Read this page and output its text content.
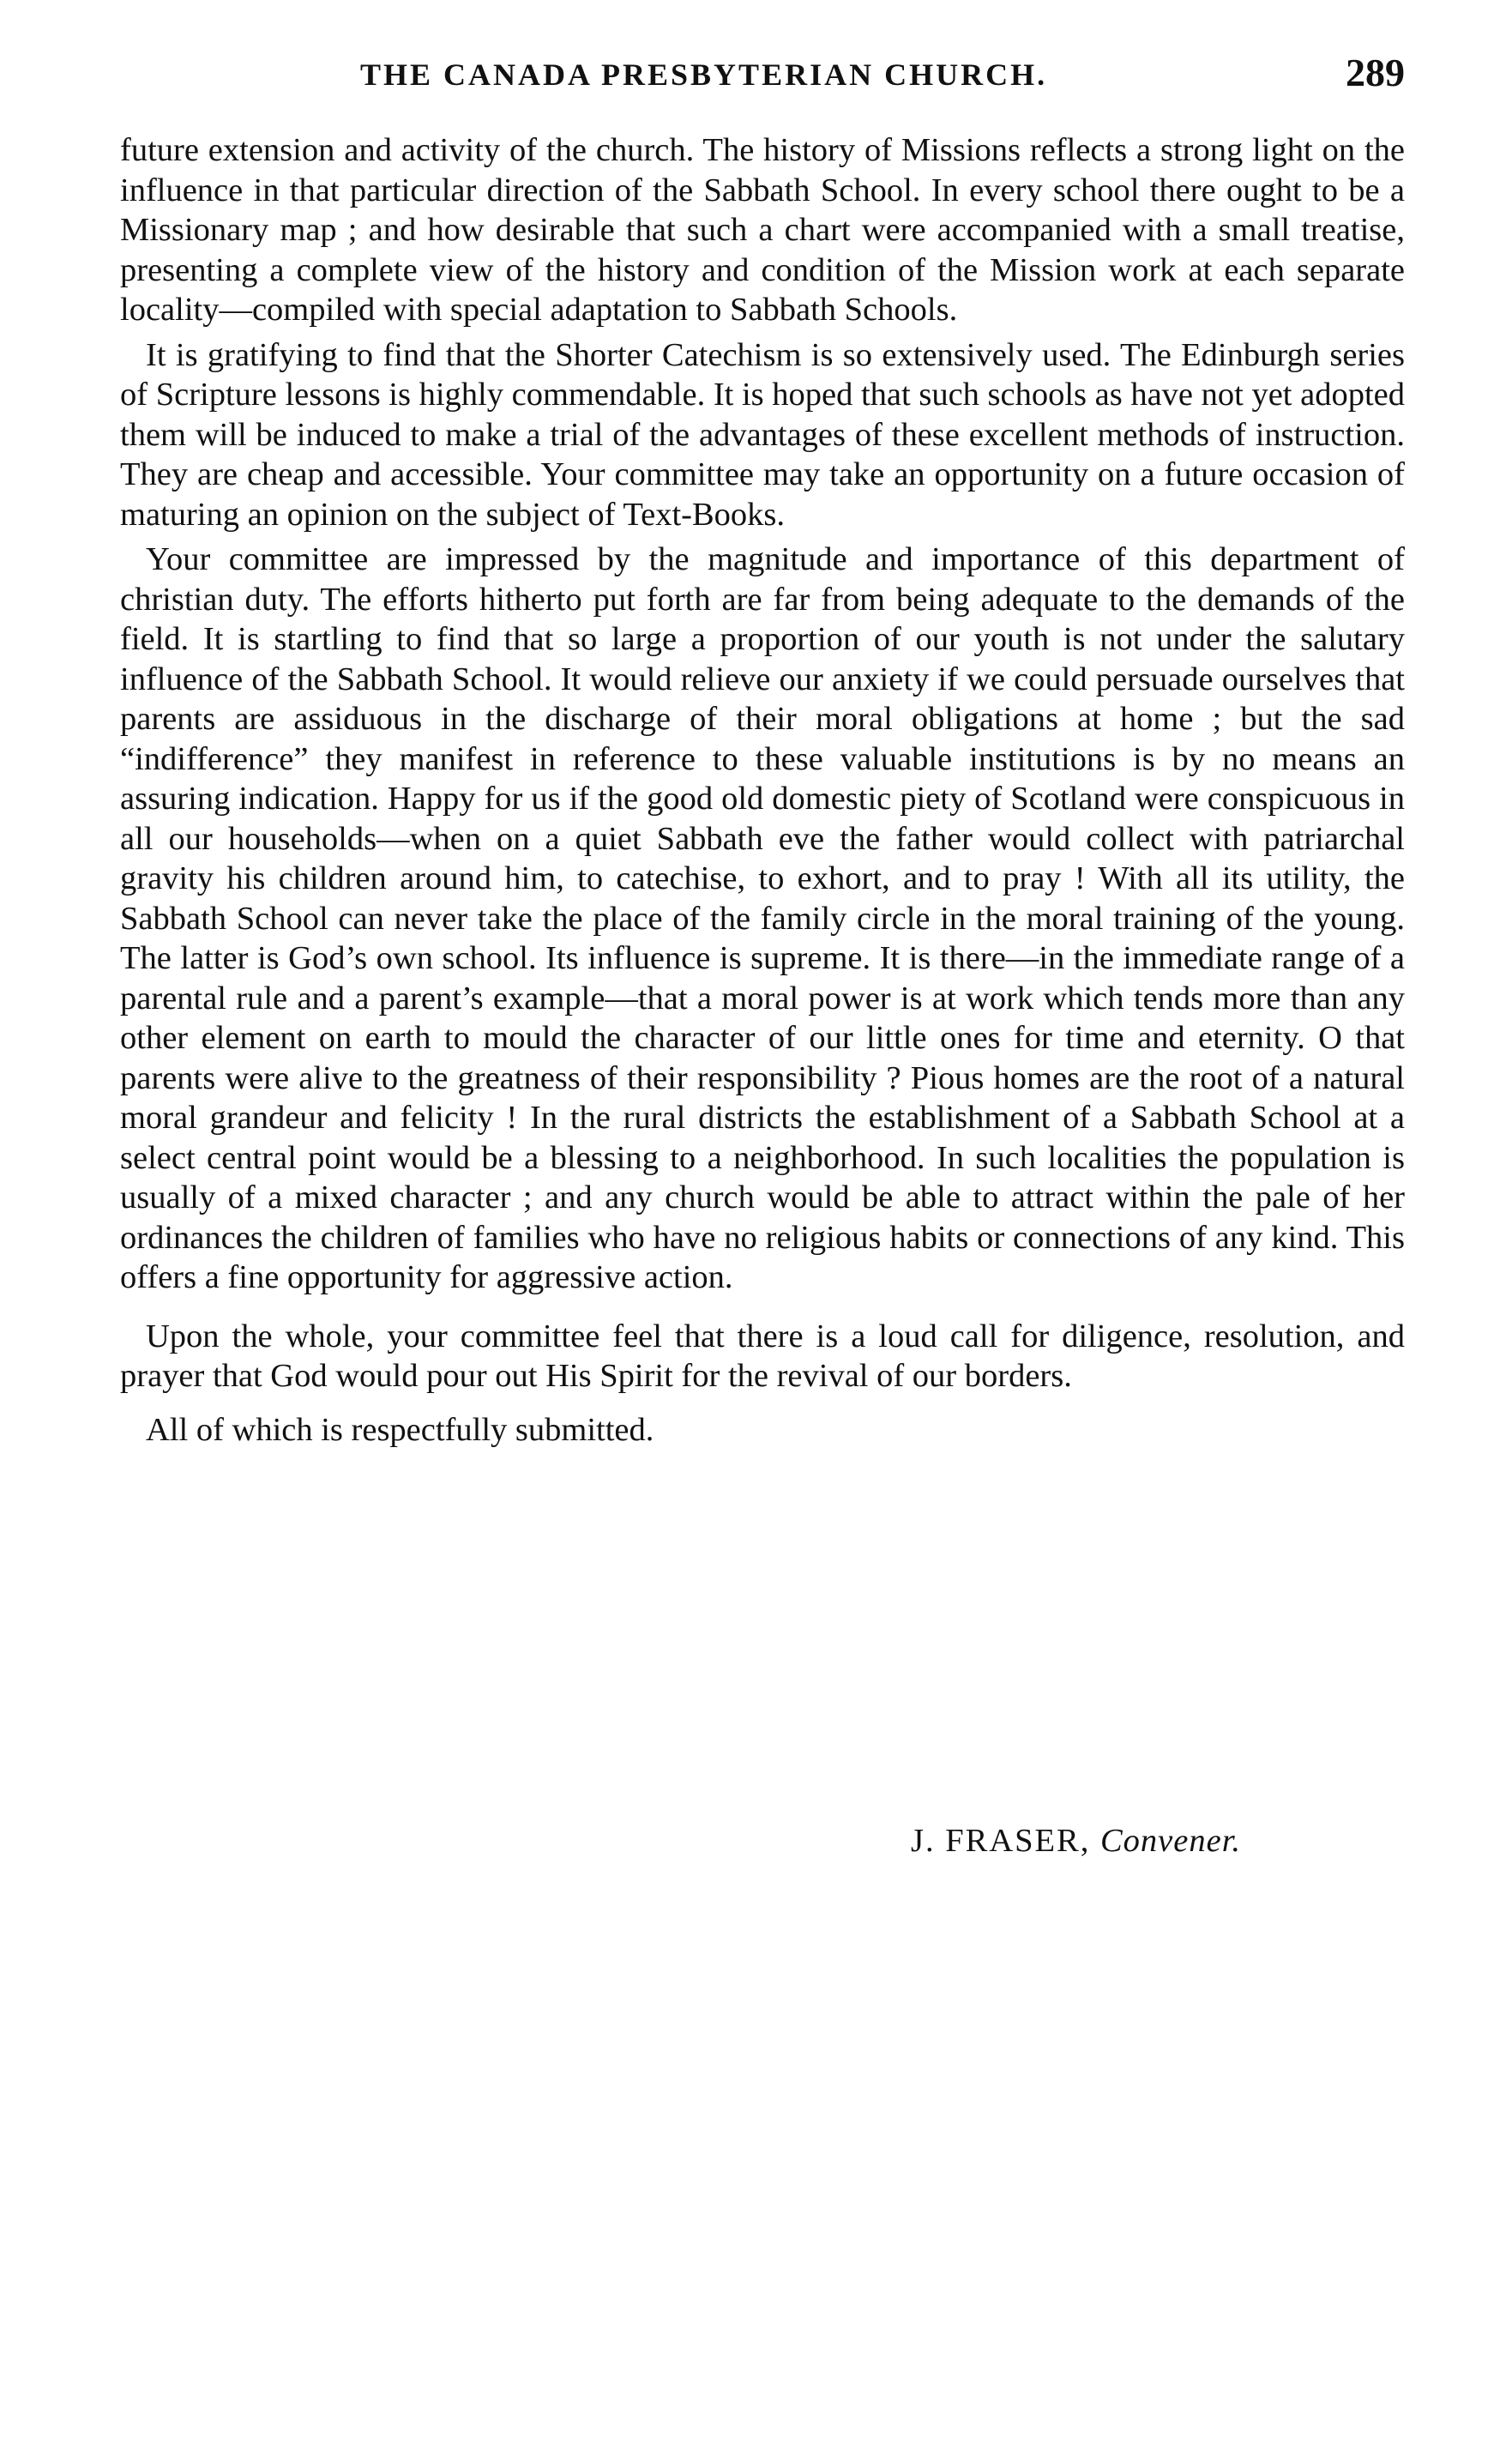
THE CANADA PRESBYTERIAN CHURCH.	289

future extension and activity of the church. The history of Missions reflects a strong light on the influence in that particular direction of the Sabbath School. In every school there ought to be a Missionary map ; and how desirable that such a chart were accompanied with a small treatise, presenting a complete view of the history and condition of the Mission work at each separate locality—compiled with special adaptation to Sabbath Schools.

It is gratifying to find that the Shorter Catechism is so extensively used. The Edinburgh series of Scripture lessons is highly commendable. It is hoped that such schools as have not yet adopted them will be induced to make a trial of the advantages of these excellent methods of instruction. They are cheap and accessible. Your committee may take an opportunity on a future occasion of maturing an opinion on the subject of Text-Books.

Your committee are impressed by the magnitude and importance of this department of christian duty. The efforts hitherto put forth are far from being adequate to the demands of the field. It is startling to find that so large a proportion of our youth is not under the salutary influence of the Sabbath School. It would relieve our anxiety if we could persuade ourselves that parents are assiduous in the discharge of their moral obligations at home ; but the sad “indifference” they manifest in reference to these valuable institutions is by no means an assuring indication. Happy for us if the good old domestic piety of Scotland were conspicuous in all our households—when on a quiet Sabbath eve the father would collect with patriarchal gravity his children around him, to catechise, to exhort, and to pray ! With all its utility, the Sabbath School can never take the place of the family circle in the moral training of the young. The latter is God’s own school. Its influence is supreme. It is there—in the immediate range of a parental rule and a parent’s example—that a moral power is at work which tends more than any other element on earth to mould the character of our little ones for time and eternity. O that parents were alive to the greatness of their responsibility ? Pious homes are the root of a natural moral grandeur and felicity ! In the rural districts the establishment of a Sabbath School at a select central point would be a blessing to a neighborhood. In such localities the population is usually of a mixed character ; and any church would be able to attract within the pale of her ordinances the children of families who have no religious habits or connections of any kind. This offers a fine opportunity for aggressive action.

Upon the whole, your committee feel that there is a loud call for diligence, resolution, and prayer that God would pour out His Spirit for the revival of our borders.

All of which is respectfully submitted.

J. FRASER, Convener.
